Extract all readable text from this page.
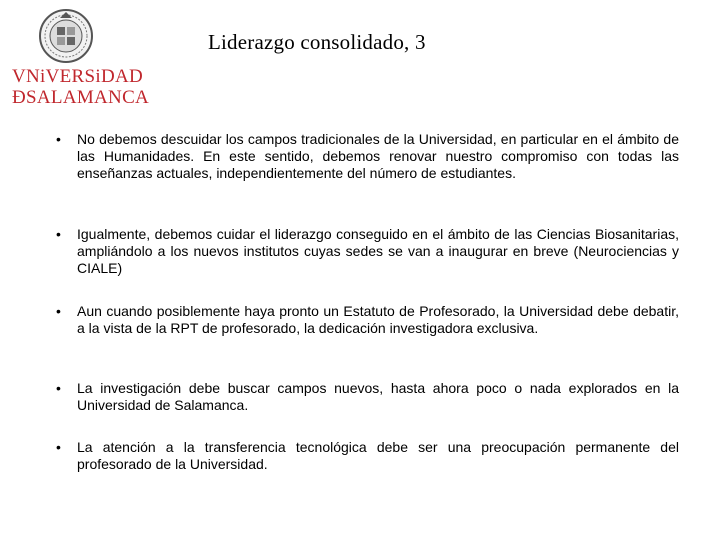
VNiVERSiDAD
ÐSALAMANCA
Liderazgo consolidado, 3
• No debemos descuidar los campos tradicionales de la Universidad, en particular en el ámbito de las Humanidades. En este sentido, debemos renovar nuestro compromiso con todas las enseñanzas actuales, independientemente del número de estudiantes.
• Igualmente, debemos cuidar el liderazgo conseguido en el ámbito de las Ciencias Biosanitarias, ampliándolo a los nuevos institutos cuyas sedes se van a inaugurar en breve (Neurociencias y CIALE)
• Aun cuando posiblemente haya pronto un Estatuto de Profesorado, la Universidad debe debatir, a la vista de la RPT de profesorado, la dedicación investigadora exclusiva.
• La investigación debe buscar campos nuevos, hasta ahora poco o nada explorados en la Universidad de Salamanca.
• La atención a la transferencia tecnológica debe ser una preocupación permanente del profesorado de la Universidad.
